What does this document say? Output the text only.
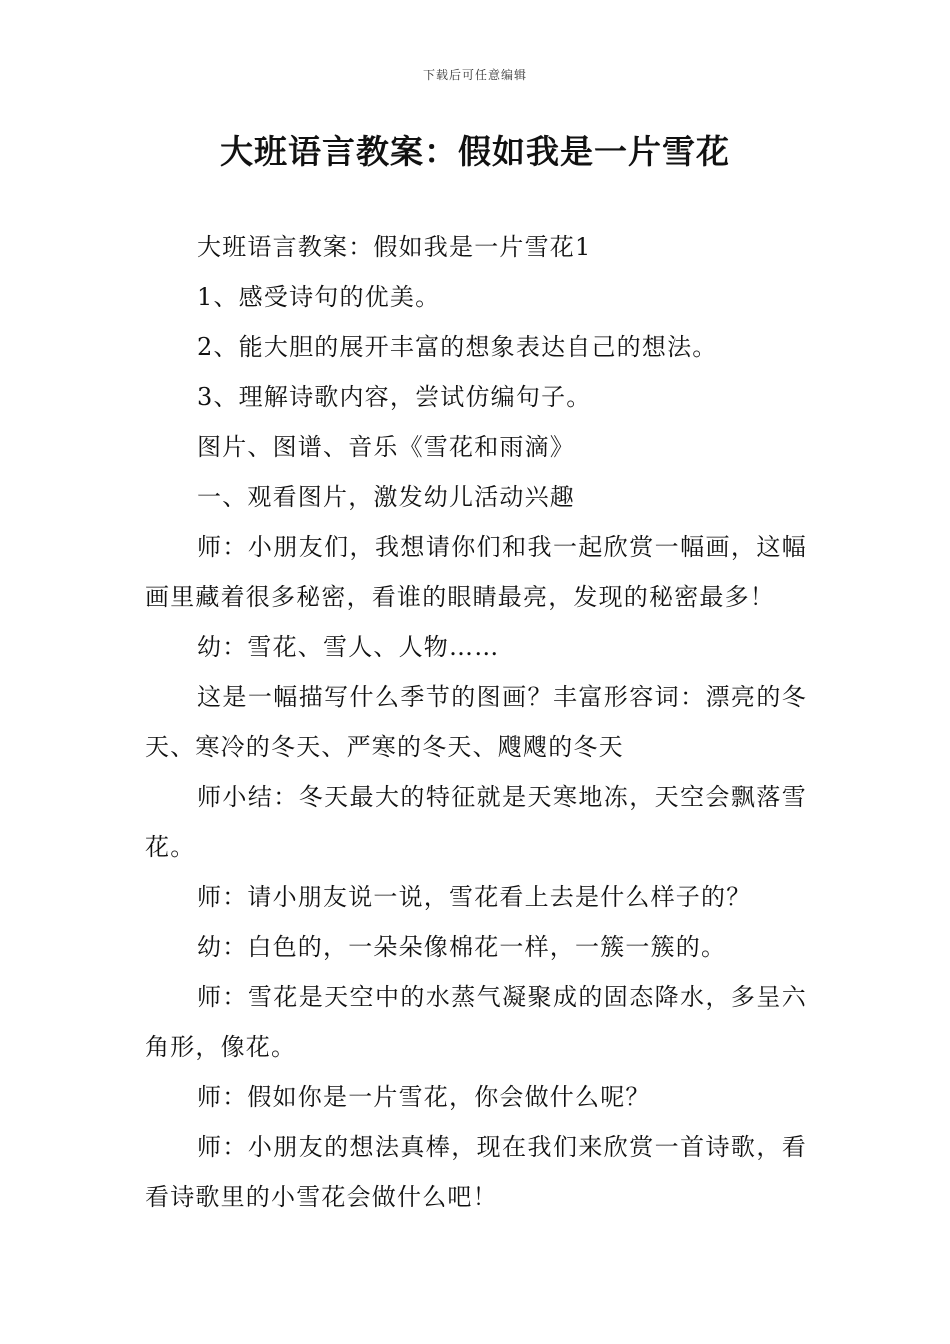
下载后可任意编辑
大班语言教案：假如我是一片雪花

大班语言教案：假如我是一片雪花1

1、感受诗句的优美。

2、能大胆的展开丰富的想象表达自己的想法。

3、理解诗歌内容，尝试仿编句子。

图片、图谱、音乐《雪花和雨滴》

一、观看图片，激发幼儿活动兴趣

师：小朋友们，我想请你们和我一起欣赏一幅画，这幅画里藏着很多秘密，看谁的眼睛最亮，发现的秘密最多！

幼：雪花、雪人、人物……

这是一幅描写什么季节的图画？丰富形容词：漂亮的冬天、寒冷的冬天、严寒的冬天、飕飕的冬天

师小结：冬天最大的特征就是天寒地冻，天空会飘落雪花。

师：请小朋友说一说，雪花看上去是什么样子的？

幼：白色的，一朵朵像棉花一样，一簇一簇的。

师：雪花是天空中的水蒸气凝聚成的固态降水，多呈六角形，像花。

师：假如你是一片雪花，你会做什么呢？

师：小朋友的想法真棒，现在我们来欣赏一首诗歌，看看诗歌里的小雪花会做什么吧！
